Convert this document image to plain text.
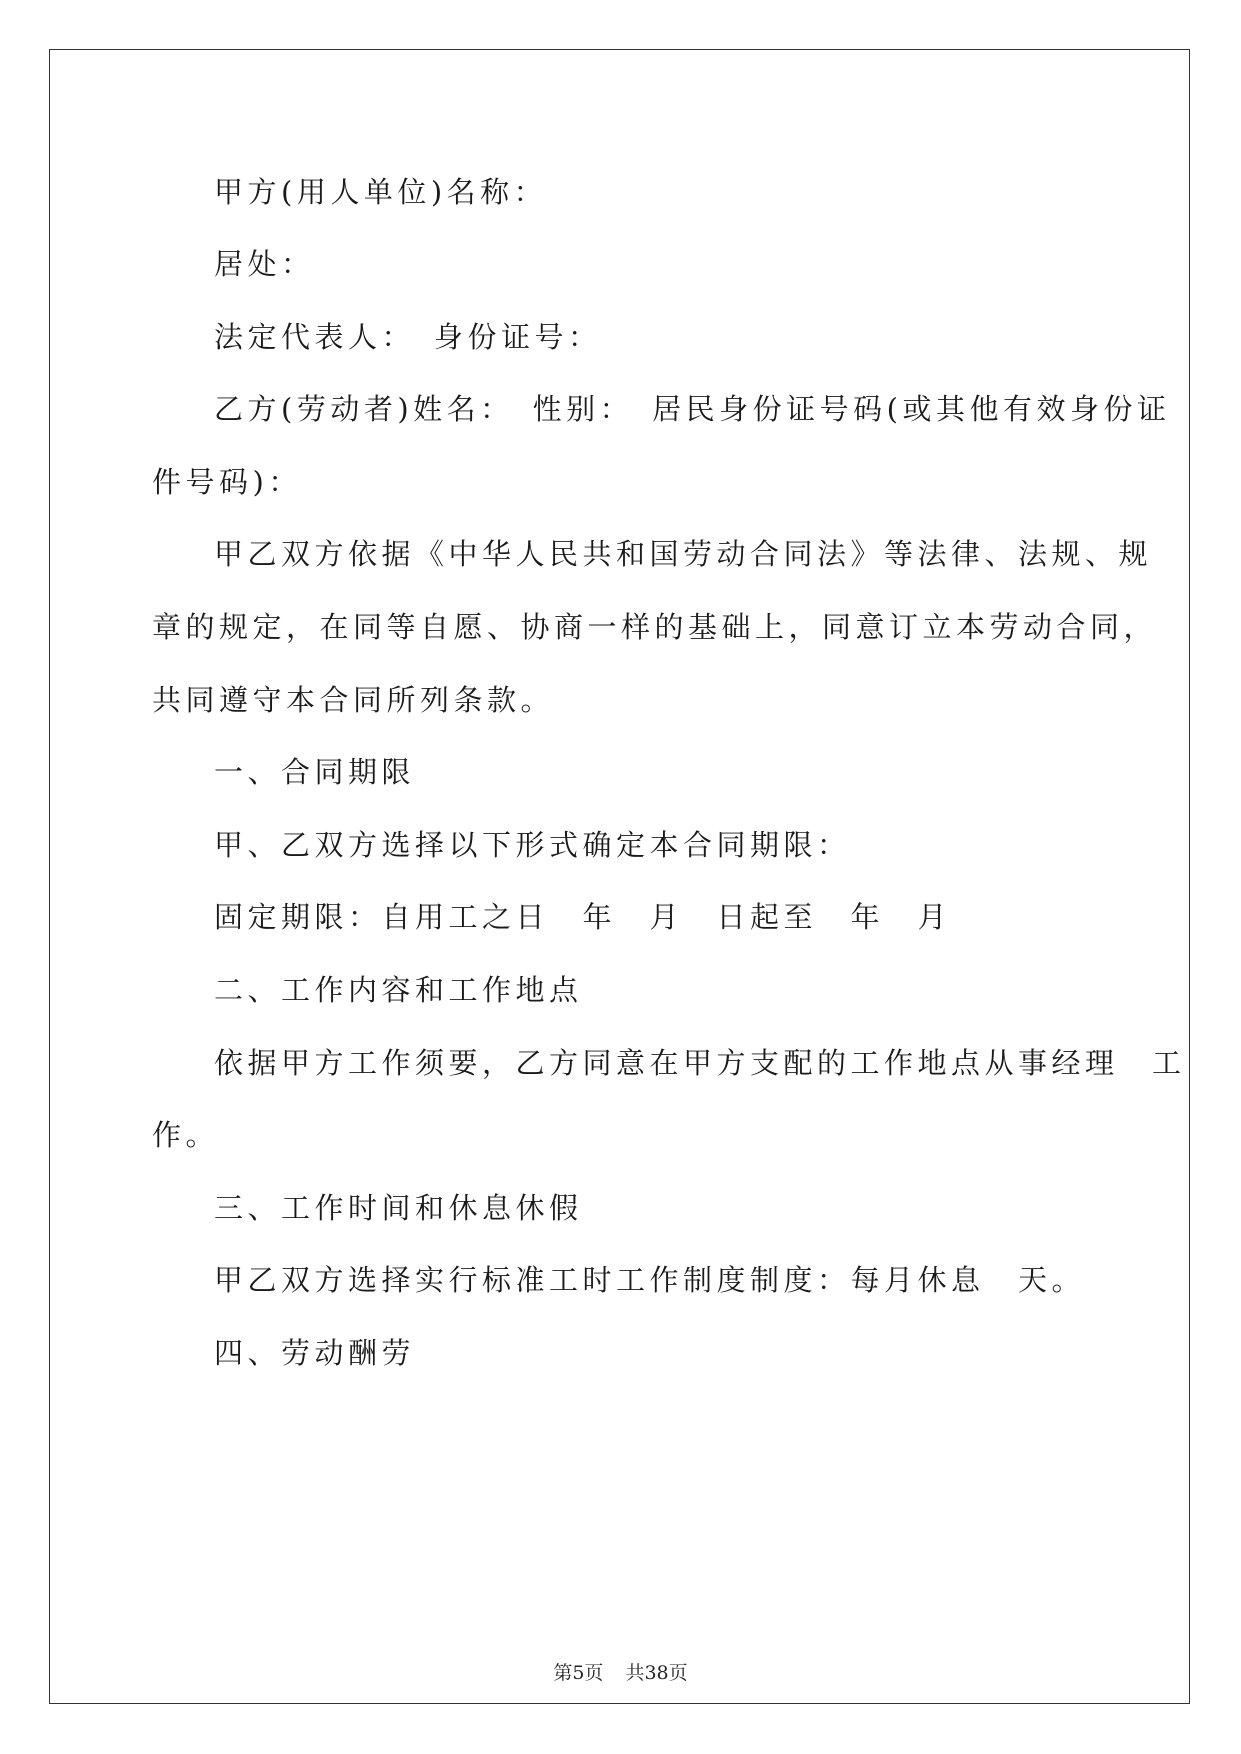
甲方(用人单位)名称：

居处：

法定代表人：　身份证号：

乙方(劳动者)姓名：　性别：　居民身份证号码(或其他有效身份证

件号码)：

甲乙双方依据《中华人民共和国劳动合同法》等法律、法规、规

章的规定，在同等自愿、协商一样的基础上，同意订立本劳动合同，

共同遵守本合同所列条款。

一、合同期限

甲、乙双方选择以下形式确定本合同期限：

固定期限：自用工之日　年　月　日起至　年　月

二、工作内容和工作地点

依据甲方工作须要，乙方同意在甲方支配的工作地点从事经理　工

作。

三、工作时间和休息休假

甲乙双方选择实行标准工时工作制度制度：每月休息　天。

四、劳动酬劳

第5页 共38页
